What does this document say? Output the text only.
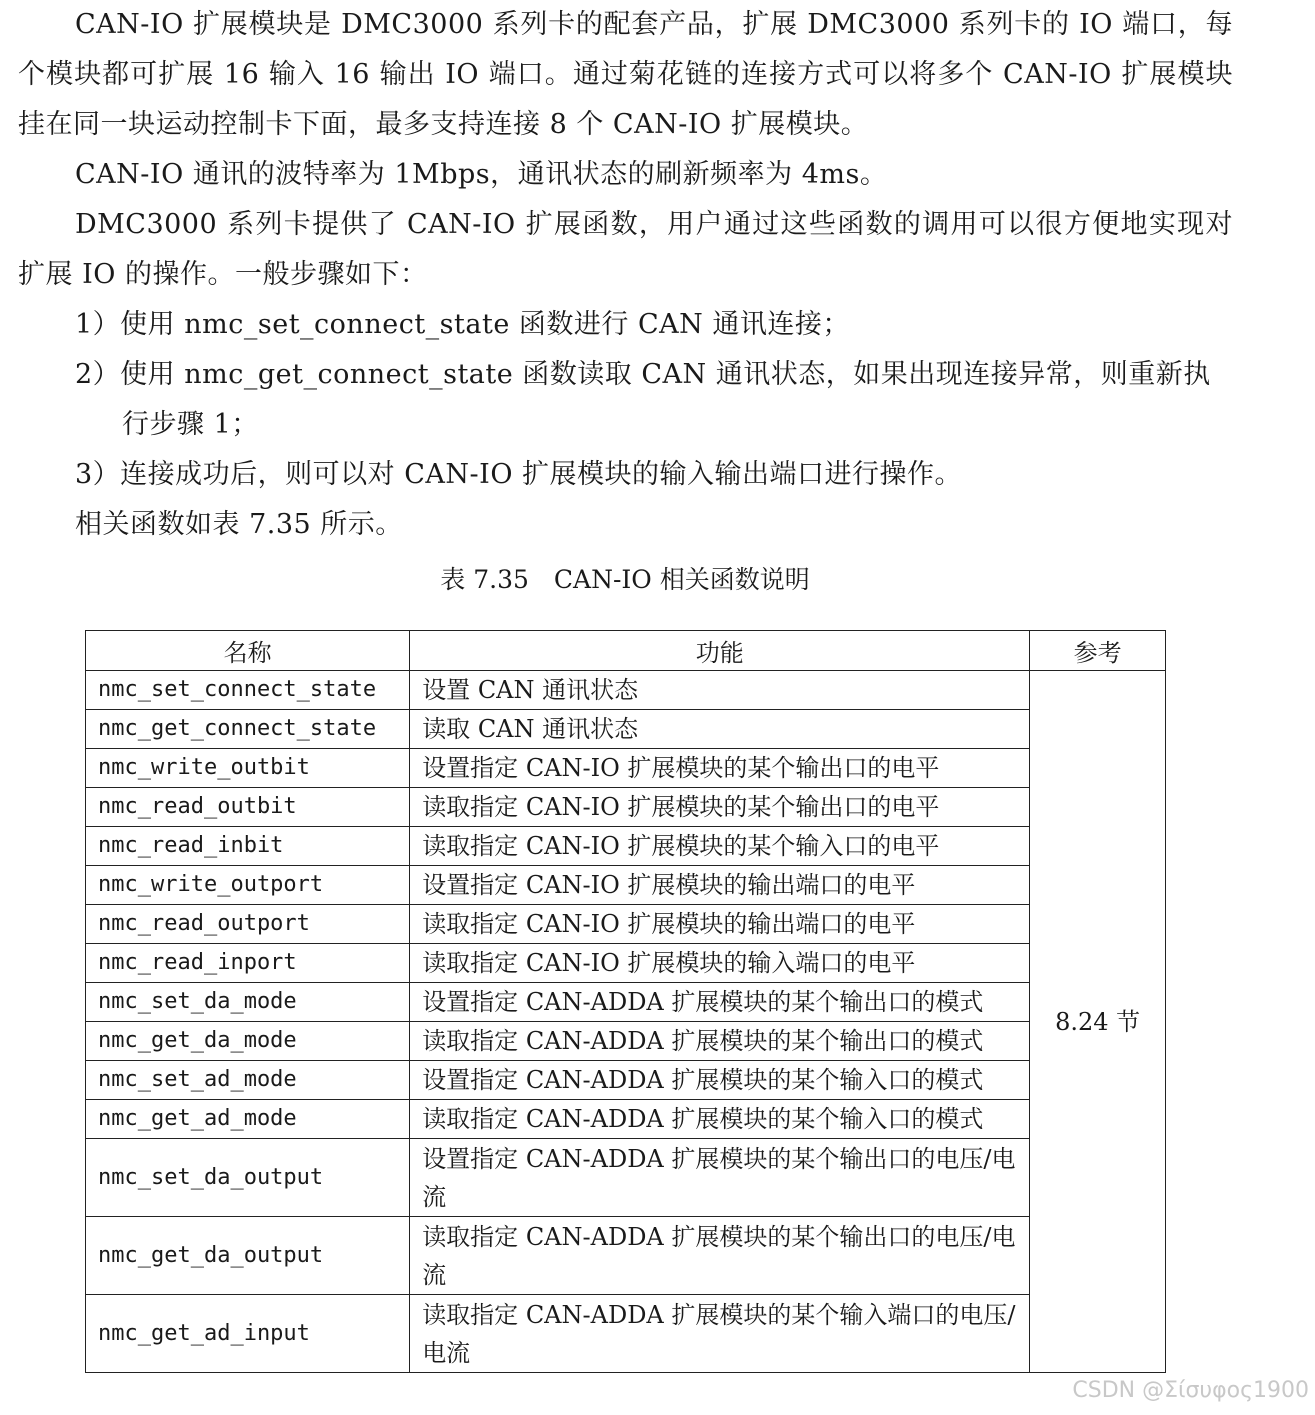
CAN-IO 扩展模块是 DMC3000 系列卡的配套产品，扩展 DMC3000 系列卡的 IO 端口，每个模块都可扩展 16 输入 16 输出 IO 端口。通过菊花链的连接方式可以将多个 CAN-IO 扩展模块挂在同一块运动控制卡下面，最多支持连接 8 个 CAN-IO 扩展模块。

CAN-IO 通讯的波特率为 1Mbps，通讯状态的刷新频率为 4ms。

DMC3000 系列卡提供了 CAN-IO 扩展函数，用户通过这些函数的调用可以很方便地实现对扩展 IO 的操作。一般步骤如下：

1）使用 nmc_set_connect_state 函数进行 CAN 通讯连接；
2）使用 nmc_get_connect_state 函数读取 CAN 通讯状态，如果出现连接异常，则重新执
行步骤 1；
3）连接成功后，则可以对 CAN-IO 扩展模块的输入输出端口进行操作。
相关函数如表 7.35 所示。
表 7.35　CAN-IO 相关函数说明
名称	功能	参考
nmc_set_connect_state	设置 CAN 通讯状态	8.24 节
nmc_get_connect_state	读取 CAN 通讯状态	
nmc_write_outbit	设置指定 CAN-IO 扩展模块的某个输出口的电平	
nmc_read_outbit	读取指定 CAN-IO 扩展模块的某个输出口的电平	
nmc_read_inbit	读取指定 CAN-IO 扩展模块的某个输入口的电平	
nmc_write_outport	设置指定 CAN-IO 扩展模块的输出端口的电平	
nmc_read_outport	读取指定 CAN-IO 扩展模块的输出端口的电平	
nmc_read_inport	读取指定 CAN-IO 扩展模块的输入端口的电平	
nmc_set_da_mode	设置指定 CAN-ADDA 扩展模块的某个输出口的模式	
nmc_get_da_mode	读取指定 CAN-ADDA 扩展模块的某个输出口的模式	
nmc_set_ad_mode	设置指定 CAN-ADDA 扩展模块的某个输入口的模式	
nmc_get_ad_mode	读取指定 CAN-ADDA 扩展模块的某个输入口的模式	
nmc_set_da_output	设置指定 CAN-ADDA 扩展模块的某个输出口的电压/电流	
nmc_get_da_output	读取指定 CAN-ADDA 扩展模块的某个输出口的电压/电流	
nmc_get_ad_input	读取指定 CAN-ADDA 扩展模块的某个输入端口的电压/电流	
CSDN @Σίσυφος1900
